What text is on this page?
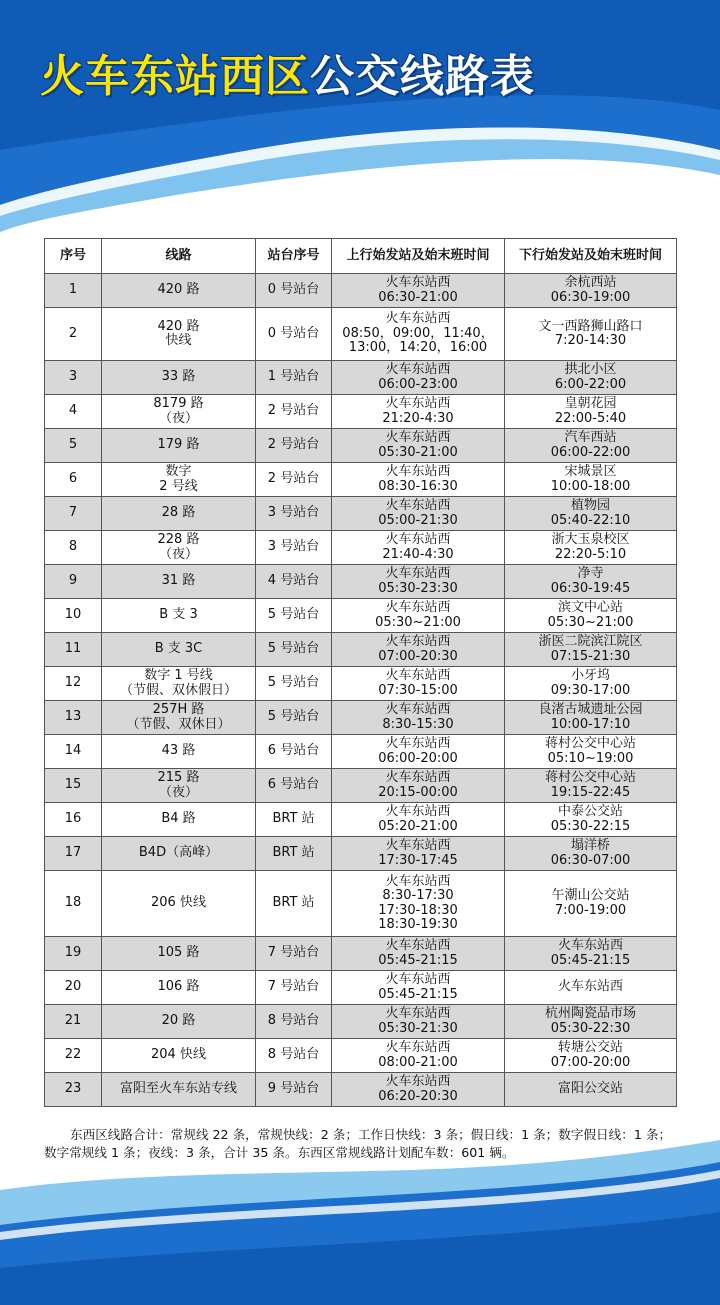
火车东站西区公交线路表
序号	线路	站台序号	上行始发站及始末班时间	下行始发站及始末班时间
1	420 路	0 号站台	火车东站西
06:30-21:00	余杭西站
06:30-19:00

2	420 路
快线	0 号站台	火车东站西
08:50，09:00，11:40，
13:00，14:20，16:00	文一西路狮山路口
7:20-14:30

3	33 路	1 号站台	火车东站西
06:00-23:00	拱北小区
6:00-22:00

4	8179 路
（夜）	2 号站台	火车东站西
21:20-4:30	皇朝花园
22:00-5:40

5	179 路	2 号站台	火车东站西
05:30-21:00	汽车西站
06:00-22:00

6	数字
2 号线	2 号站台	火车东站西
08:30-16:30	宋城景区
10:00-18:00

7	28 路	3 号站台	火车东站西
05:00-21:30	植物园
05:40-22:10

8	228 路
（夜）	3 号站台	火车东站西
21:40-4:30	浙大玉泉校区
22:20-5:10

9	31 路	4 号站台	火车东站西
05:30-23:30	净寺
06:30-19:45

10	B 支 3	5 号站台	火车东站西
05:30~21:00	滨文中心站
05:30~21:00

11	B 支 3C	5 号站台	火车东站西
07:00-20:30	浙医二院滨江院区
07:15-21:30

12	数字 1 号线
（节假、双休假日）	5 号站台	火车东站西
07:30-15:00	小牙坞
09:30-17:00

13	257H 路
（节假、双休日）	5 号站台	火车东站西
8:30-15:30	良渚古城遗址公园
10:00-17:10

14	43 路	6 号站台	火车东站西
06:00-20:00	蒋村公交中心站
05:10~19:00

15	215 路
（夜）	6 号站台	火车东站西
20:15-00:00	蒋村公交中心站
19:15-22:45

16	B4 路	BRT 站	火车东站西
05:20-21:00	中泰公交站
05:30-22:15

17	B4D（高峰）	BRT 站	火车东站西
17:30-17:45	塌洋桥
06:30-07:00

18	206 快线	BRT 站	火车东站西
8:30-17:30
17:30-18:30
18:30-19:30	午潮山公交站
7:00-19:00

19	105 路	7 号站台	火车东站西
05:45-21:15	火车东站西
05:45-21:15

20	106 路	7 号站台	火车东站西
05:45-21:15	火车东站西

21	20 路	8 号站台	火车东站西
05:30-21:30	杭州陶瓷品市场
05:30-22:30

22	204 快线	8 号站台	火车东站西
08:00-21:00	转塘公交站
07:00-20:00

23	富阳至火车东站专线	9 号站台	火车东站西
06:20-20:30	富阳公交站
东西区线路合计：常规线 22 条，常规快线：2 条；工作日快线：3 条；假日线：1 条；数字假日线：1 条；数字常规线 1 条；夜线：3 条，合计 35 条。东西区常规线路计划配车数：601 辆。
